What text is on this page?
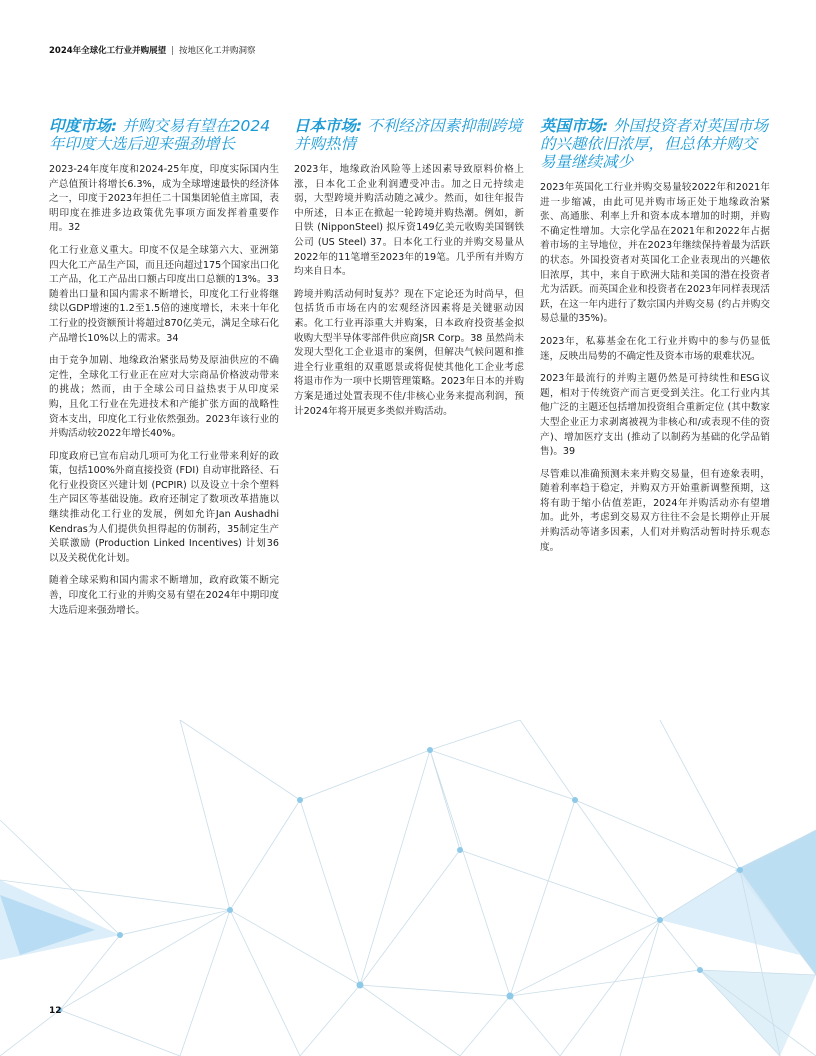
2024年全球化工行业并购展望 | 按地区化工并购洞察
印度市场: 并购交易有望在2024年印度大选后迎来强劲增长

2023-24年度年度和2024-25年度，印度实际国内生产总值预计将增长6.3%，成为全球增速最快的经济体之一，印度于2023年担任二十国集团轮值主席国，表明印度在推进多边政策优先事项方面发挥着重要作用。32

化工行业意义重大。印度不仅是全球第六大、亚洲第四大化工产品生产国，而且还向超过175个国家出口化工产品，化工产品出口额占印度出口总额的13%。33 随着出口量和国内需求不断增长，印度化工行业将继续以GDP增速的1.2至1.5倍的速度增长，未来十年化工行业的投资额预计将超过870亿美元，满足全球石化产品增长10%以上的需求。34

由于竞争加剧、地缘政治紧张局势及原油供应的不确定性，全球化工行业正在应对大宗商品价格波动带来的挑战；然而，由于全球公司日益热衷于从印度采购，且化工行业在先进技术和产能扩张方面的战略性资本支出，印度化工行业依然强劲。2023年该行业的并购活动较2022年增长40%。

印度政府已宣布启动几项可为化工行业带来利好的政策，包括100%外商直接投资 (FDI) 自动审批路径、石化行业投资区兴建计划 (PCPIR) 以及设立十余个塑料生产园区等基础设施。政府还制定了数项改革措施以继续推动化工行业的发展，例如允许Jan Aushadhi Kendras为人们提供负担得起的仿制药，35制定生产关联激励 (Production Linked Incentives) 计划36 以及关税优化计划。

随着全球采购和国内需求不断增加，政府政策不断完善，印度化工行业的并购交易有望在2024年中期印度大选后迎来强劲增长。

日本市场: 不利经济因素抑制跨境并购热情

2023年，地缘政治风险等上述因素导致原料价格上涨，日本化工企业利润遭受冲击。加之日元持续走弱，大型跨境并购活动随之减少。然而，如往年报告中所述，日本正在掀起一轮跨境并购热潮。例如，新日铁 (NipponSteel) 拟斥资149亿美元收购美国钢铁公司 (US Steel) 37。日本化工行业的并购交易量从2022年的11笔增至2023年的19笔。几乎所有并购方均来自日本。

跨境并购活动何时复苏？现在下定论还为时尚早，但包括货币市场在内的宏观经济因素将是关键驱动因素。化工行业再添重大并购案，日本政府投资基金拟收购大型半导体零部件供应商JSR Corp。38 虽然尚未发现大型化工企业退市的案例，但解决气候问题和推进全行业重组的双重愿景或将促使其他化工企业考虑将退市作为一项中长期管理策略。2023年日本的并购方案是通过处置表现不佳/非核心业务来提高利润，预计2024年将开展更多类似并购活动。

英国市场: 外国投资者对英国市场的兴趣依旧浓厚，但总体并购交易量继续减少

2023年英国化工行业并购交易量较2022年和2021年进一步缩减，由此可见并购市场正处于地缘政治紧张、高通胀、利率上升和资本成本增加的时期，并购不确定性增加。大宗化学品在2021年和2022年占据着市场的主导地位，并在2023年继续保持着最为活跃的状态。外国投资者对英国化工企业表现出的兴趣依旧浓厚，其中，来自于欧洲大陆和美国的潜在投资者尤为活跃。而英国企业和投资者在2023年同样表现活跃，在这一年内进行了数宗国内并购交易 (约占并购交易总量的35%)。

2023年，私募基金在化工行业并购中的参与仍显低迷，反映出局势的不确定性及资本市场的艰难状况。

2023年最流行的并购主题仍然是可持续性和ESG议题，相对于传统资产而言更受到关注。化工行业内其他广泛的主题还包括增加投资组合重新定位 (其中数家大型企业正力求剥离被视为非核心和/或表现不佳的资产)、增加医疗支出 (推动了以制药为基础的化学品销售)。39

尽管难以准确预测未来并购交易量，但有迹象表明，随着利率趋于稳定，并购双方开始重新调整预期，这将有助于缩小估值差距，2024年并购活动亦有望增加。此外，考虑到交易双方往往不会是长期停止开展并购活动等诸多因素，人们对并购活动暂时持乐观态度。

12
